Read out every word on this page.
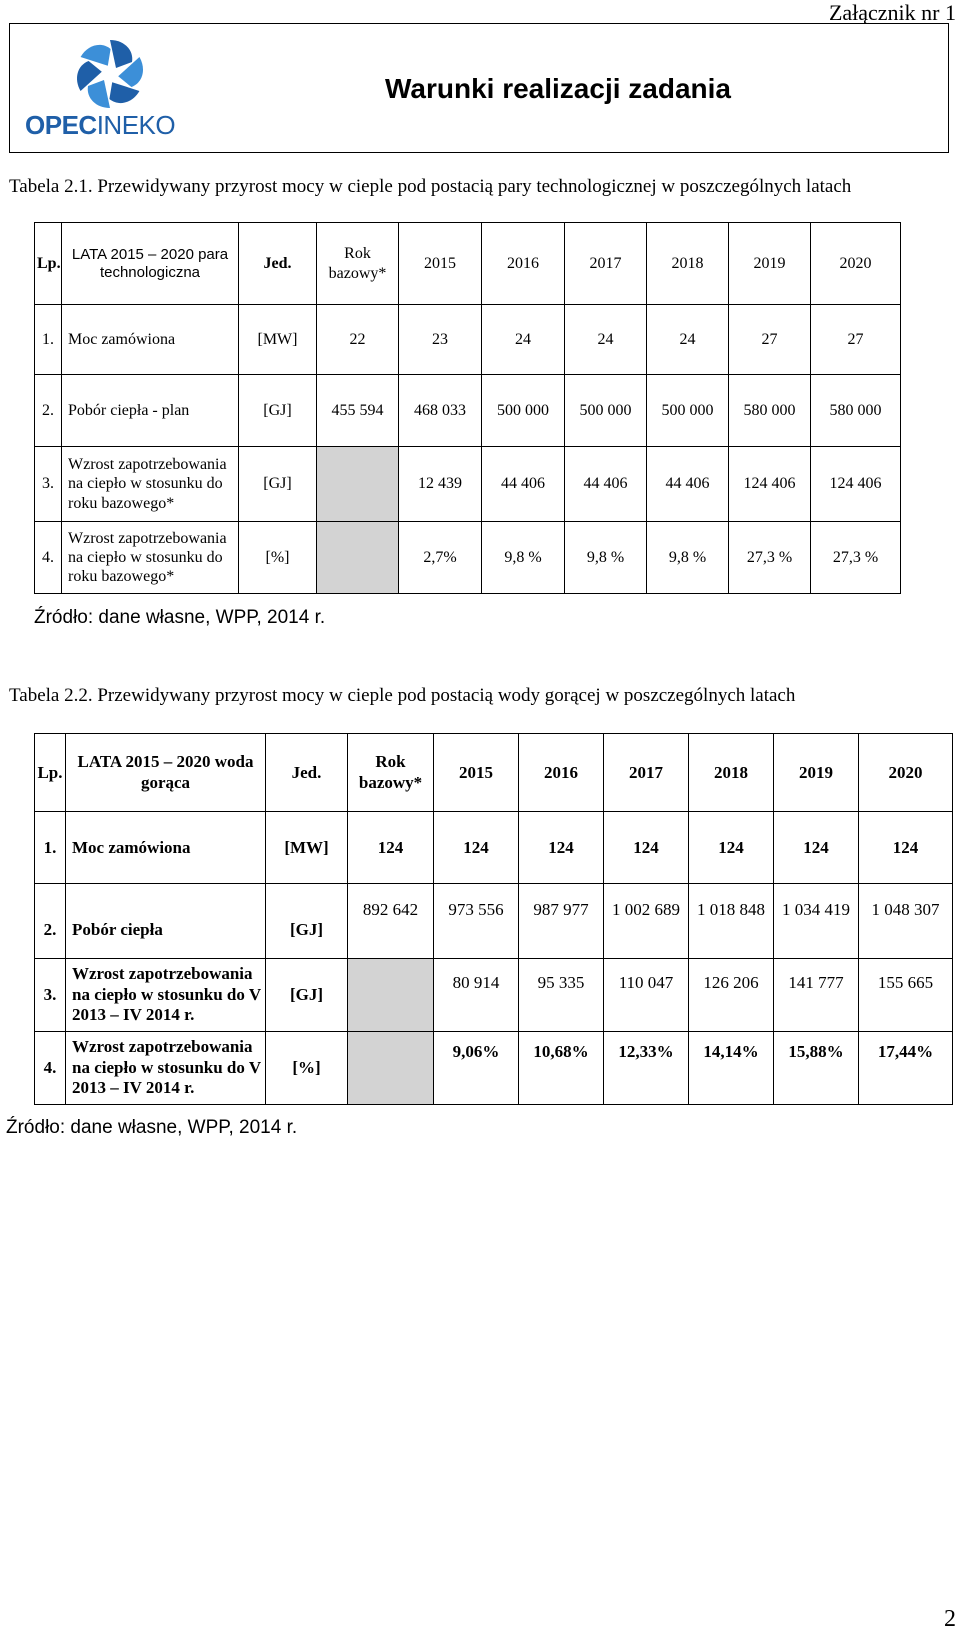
Załącznik nr 1
OPECINEKO
Warunki realizacji zadania
Tabela 2.1. Przewidywany przyrost mocy w cieple pod postacią pary technologicznej w poszczególnych latach
Lp.	LATA 2015 – 2020 para technologiczna	Jed.	Rok bazowy*	2015	2016	2017	2018	2019	2020
1.	Moc zamówiona	[MW]	22	23	24	24	24	27	27
2.	Pobór ciepła - plan	[GJ]	455 594	468 033	500 000	500 000	500 000	580 000	580 000
3.	Wzrost zapotrzebowania na ciepło w stosunku do roku bazowego*	[GJ]		12 439	44 406	44 406	44 406	124 406	124 406
4.	Wzrost zapotrzebowania na ciepło w stosunku do roku bazowego*	[%]		2,7%	9,8 %	9,8 %	9,8 %	27,3 %	27,3 %
Źródło: dane własne, WPP, 2014 r.
Tabela 2.2. Przewidywany przyrost mocy w cieple pod postacią wody gorącej w poszczególnych latach
Lp.	LATA 2015 – 2020 woda gorąca	Jed.	Rok bazowy*	2015	2016	2017	2018	2019	2020
1.	Moc zamówiona	[MW]	124	124	124	124	124	124	124
2.	Pobór ciepła	[GJ]	892 642	973 556	987 977	1 002 689	1 018 848	1 034 419	1 048 307
3.	Wzrost zapotrzebowania na ciepło w stosunku do V 2013 – IV 2014 r.	[GJ]		80 914	95 335	110 047	126 206	141 777	155 665
4.	Wzrost zapotrzebowania na ciepło w stosunku do V 2013 – IV 2014 r.	[%]		9,06%	10,68%	12,33%	14,14%	15,88%	17,44%
Źródło: dane własne, WPP, 2014 r.
2
